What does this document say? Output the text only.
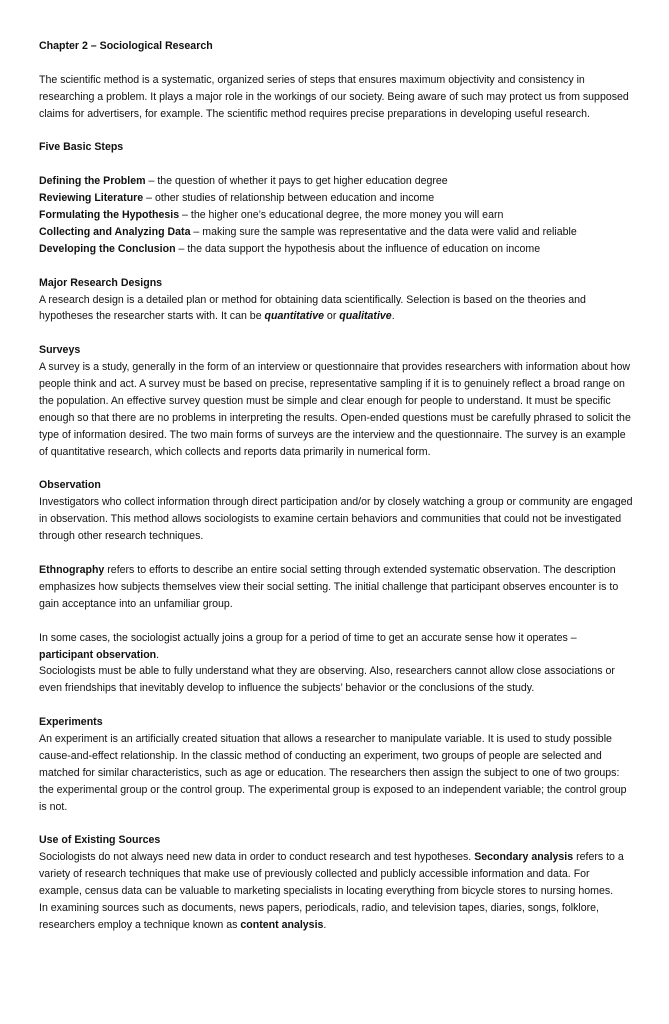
Chapter 2 – Sociological Research
The scientific method is a systematic, organized series of steps that ensures maximum objectivity and consistency in researching a problem. It plays a major role in the workings of our society. Being aware of such may protect us from supposed claims for advertisers, for example. The scientific method requires precise preparations in developing useful research.
Five Basic Steps
Defining the Problem – the question of whether it pays to get higher education degree
Reviewing Literature – other studies of relationship between education and income
Formulating the Hypothesis – the higher one’s educational degree, the more money you will earn
Collecting and Analyzing Data – making sure the sample was representative and the data were valid and reliable
Developing the Conclusion – the data support the hypothesis about the influence of education on income
Major Research Designs
A research design is a detailed plan or method for obtaining data scientifically. Selection is based on the theories and hypotheses the researcher starts with. It can be quantitative or qualitative.
Surveys
A survey is a study, generally in the form of an interview or questionnaire that provides researchers with information about how people think and act. A survey must be based on precise, representative sampling if it is to genuinely reflect a broad range on the population. An effective survey question must be simple and clear enough for people to understand. It must be specific enough so that there are no problems in interpreting the results. Open-ended questions must be carefully phrased to solicit the type of information desired. The two main forms of surveys are the interview and the questionnaire. The survey is an example of quantitative research, which collects and reports data primarily in numerical form.
Observation
Investigators who collect information through direct participation and/or by closely watching a group or community are engaged in observation. This method allows sociologists to examine certain behaviors and communities that could not be investigated through other research techniques.
Ethnography refers to efforts to describe an entire social setting through extended systematic observation. The description emphasizes how subjects themselves view their social setting. The initial challenge that participant observes encounter is to gain acceptance into an unfamiliar group.
In some cases, the sociologist actually joins a group for a period of time to get an accurate sense how it operates – participant observation.
Sociologists must be able to fully understand what they are observing. Also, researchers cannot allow close associations or even friendships that inevitably develop to influence the subjects’ behavior or the conclusions of the study.
Experiments
An experiment is an artificially created situation that allows a researcher to manipulate variable. It is used to study possible cause-and-effect relationship. In the classic method of conducting an experiment, two groups of people are selected and matched for similar characteristics, such as age or education. The researchers then assign the subject to one of two groups: the experimental group or the control group. The experimental group is exposed to an independent variable; the control group is not.
Use of Existing Sources
Sociologists do not always need new data in order to conduct research and test hypotheses. Secondary analysis refers to a variety of research techniques that make use of previously collected and publicly accessible information and data. For example, census data can be valuable to marketing specialists in locating everything from bicycle stores to nursing homes.
In examining sources such as documents, news papers, periodicals, radio, and television tapes, diaries, songs, folklore, researchers employ a technique known as content analysis.
